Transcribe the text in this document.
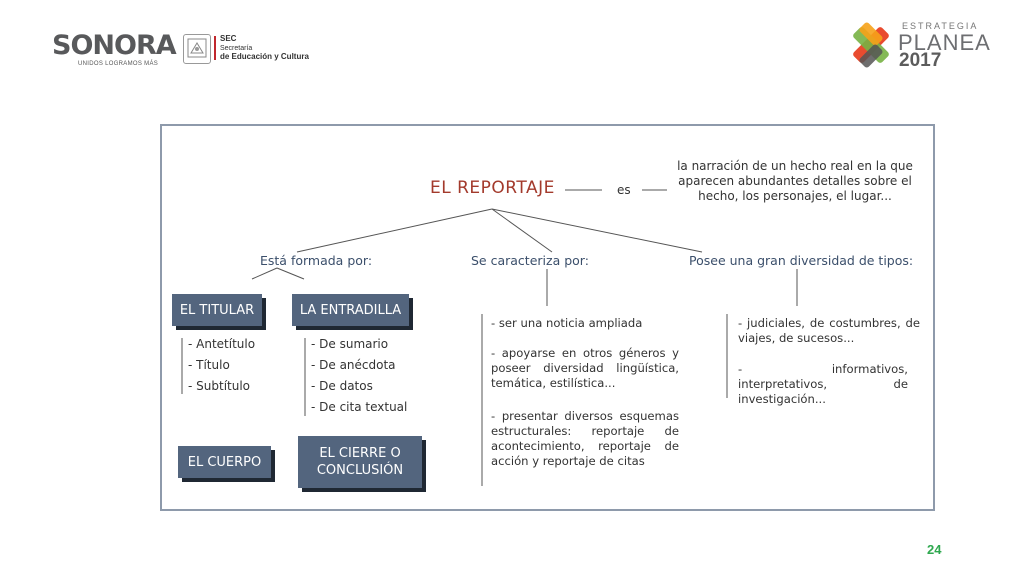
SONORA
UNIDOS LOGRAMOS MÁS
SEC
Secretaría
de Educación y Cultura
ESTRATEGIA
PLANEA
2017
EL REPORTAJE	es
la narración de un hecho real en la que aparecen abundantes detalles sobre el hecho, los personajes, el lugar...
Está formada por:	Se caracteriza por:	Posee una gran diversidad de tipos:
EL TITULAR	LA ENTRADILLA
- Antetítulo
- Título
- Subtítulo
- De sumario
- De anécdota
- De datos
- De cita textual
EL CUERPO
EL CIERRE O
CONCLUSIÓN
- ser una noticia ampliada
- apoyarse en otros géneros y poseer diversidad lingüística, temática, estilística...
- presentar diversos esquemas estructurales: reportaje de acontecimiento, reportaje de acción y reportaje de citas
- judiciales, de costumbres, de viajes, de sucesos...
- informativos, interpretativos, de investigación...
24
